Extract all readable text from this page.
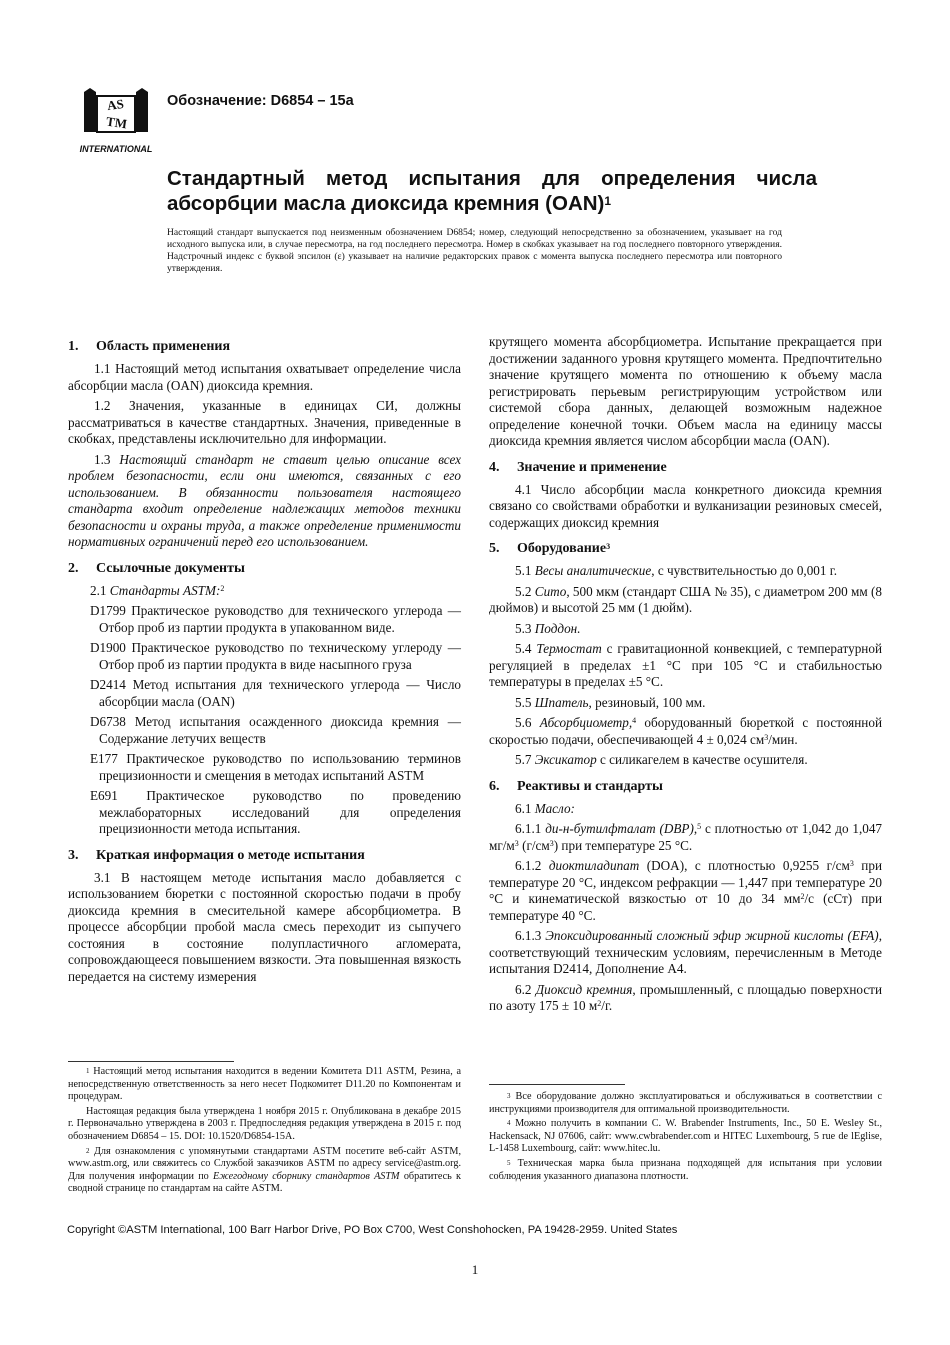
AS
TM
INTERNATIONAL
Обозначение: D6854 – 15a
Стандартный метод испытания для определения числа
абсорбции масла диоксида кремния (OAN)$^1$
Настоящий стандарт выпускается под неизменным обозначением D6854; номер, следующий непосредственно за обозначением, указывает на год исходного выпуска или, в случае пересмотра, на год последнего пересмотра. Номер в скобках указывает на год последнего повторного утверждения. Надстрочный индекс с буквой эпсилон (ε) указывает на наличие редакторских правок с момента выпуска последнего пересмотра или повторного утверждения.
1. Область применения

1.1 Настоящий метод испытания охватывает определение числа абсорбции масла (OAN) диоксида кремния.

1.2 Значения, указанные в единицах СИ, должны рассматриваться в качестве стандартных. Значения, приведенные в скобках, представлены исключительно для информации.

1.3 Настоящий стандарт не ставит целью описание всех проблем безопасности, если они имеются, связанных с его использованием. В обязанности пользователя настоящего стандарта входит определение надлежащих методов техники безопасности и охраны труда, а также определение применимости нормативных ограничений перед его использованием.

2. Ссылочные документы

2.1 Стандарты ASTM:$^2$

D1799 Практическое руководство для технического углерода — Отбор проб из партии продукта в упакованном виде.

D1900 Практическое руководство по техническому углероду — Отбор проб из партии продукта в виде насыпного груза

D2414 Метод испытания для технического углерода — Число абсорбции масла (OAN)

D6738 Метод испытания осажденного диоксида кремния — Содержание летучих веществ

E177 Практическое руководство по использованию терминов прецизионности и смещения в методах испытаний ASTM

E691 Практическое руководство по проведению межлабораторных исследований для определения прецизионности метода испытания.

3. Краткая информация о методе испытания

3.1 В настоящем методе испытания масло добавляется с использованием бюретки с постоянной скоростью подачи в пробу диоксида кремния в смесительной камере абсорбциометра. В процессе абсорбции пробой масла смесь переходит из сыпучего состояния в состояние полупластичного агломерата, сопровождающееся повышением вязкости. Эта повышенная вязкость передается на систему измерения

крутящего момента абсорбциометра. Испытание прекращается при достижении заданного уровня крутящего момента. Предпочтительно значение крутящего момента по отношению к объему масла регистрировать перьевым регистрирующим устройством или системой сбора данных, делающей возможным надежное определение конечной точки. Объем масла на единицу массы диоксида кремния является числом абсорбции масла (OAN).

4. Значение и применение

4.1 Число абсорбции масла конкретного диоксида кремния связано со свойствами обработки и вулканизации резиновых смесей, содержащих диоксид кремния

5. Оборудование$^3$

5.1 Весы аналитические, с чувствительностью до 0,001 г.

5.2 Сито, 500 мкм (стандарт США № 35), с диаметром 200 мм (8 дюймов) и высотой 25 мм (1 дюйм).

5.3 Поддон.

5.4 Термостат с гравитационной конвекцией, с температурной регуляцией в пределах ±1 °C при 105 °C и стабильностью температуры в пределах ±5 °C.

5.5 Шпатель, резиновый, 100 мм.

5.6 Абсорбциометр,$^4$ оборудованный бюреткой с постоянной скоростью подачи, обеспечивающей 4 ± 0,024 $см^3$/мин.

5.7 Эксикатор с силикагелем в качестве осушителя.

6. Реактивы и стандарты

6.1 Масло:

6.1.1 ди-н-бутилфталат (DBP),$^5$ с плотностью от 1,042 до 1,047 $мг/м^3$ $(г/см^3)$ при температуре 25 °C.

6.1.2 диоктиладипат (DOA), с плотностью 0,9255 $г/см^3$ при температуре 20 °C, индексом рефракции — 1,447 при температуре 20 °C и кинематической вязкостью от 10 до 34 $мм^2/с$ (сСт) при температуре 40 °C.

6.1.3 Эпоксидированный сложный эфир жирной кислоты (EFA), соответствующий техническим условиям, перечисленным в Методе испытания D2414, Дополнение A4.

6.2 Диоксид кремния, промышленный, с площадью поверхности по азоту 175 ± 10 $м^2/г$.

$^1$ Настоящий метод испытания находится в ведении Комитета D11 ASTM, Резина, а непосредственную ответственность за него несет Подкомитет D11.20 по Компонентам и процедурам.

Настоящая редакция была утверждена 1 ноября 2015 г. Опубликована в декабре 2015 г. Первоначально утверждена в 2003 г. Предпоследняя редакция утверждена в 2015 г. под обозначением D6854 – 15. DOI: 10.1520/D6854-15A.

$^2$ Для ознакомления с упомянутыми стандартами ASTM посетите веб-сайт ASTM, www.astm.org, или свяжитесь со Службой заказчиков ASTM по адресу service@astm.org. Для получения информации по Ежегодному сборнику стандартов ASTM обратитесь к сводной странице по стандартам на сайте ASTM.

$^3$ Все оборудование должно эксплуатироваться и обслуживаться в соответствии с инструкциями производителя для оптимальной производительности.

$^4$ Можно получить в компании C. W. Brabender Instruments, Inc., 50 E. Wesley St., Hackensack, NJ 07606, сайт: www.cwbrabender.com и HITEC Luxembourg, 5 rue de lEglise, L-1458 Luxembourg, сайт: www.hitec.lu.

$^5$ Техническая марка была признана подходящей для испытания при условии соблюдения указанного диапазона плотности.

Copyright ©ASTM International, 100 Barr Harbor Drive, PO Box C700, West Conshohocken, PA 19428-2959. United States
1
